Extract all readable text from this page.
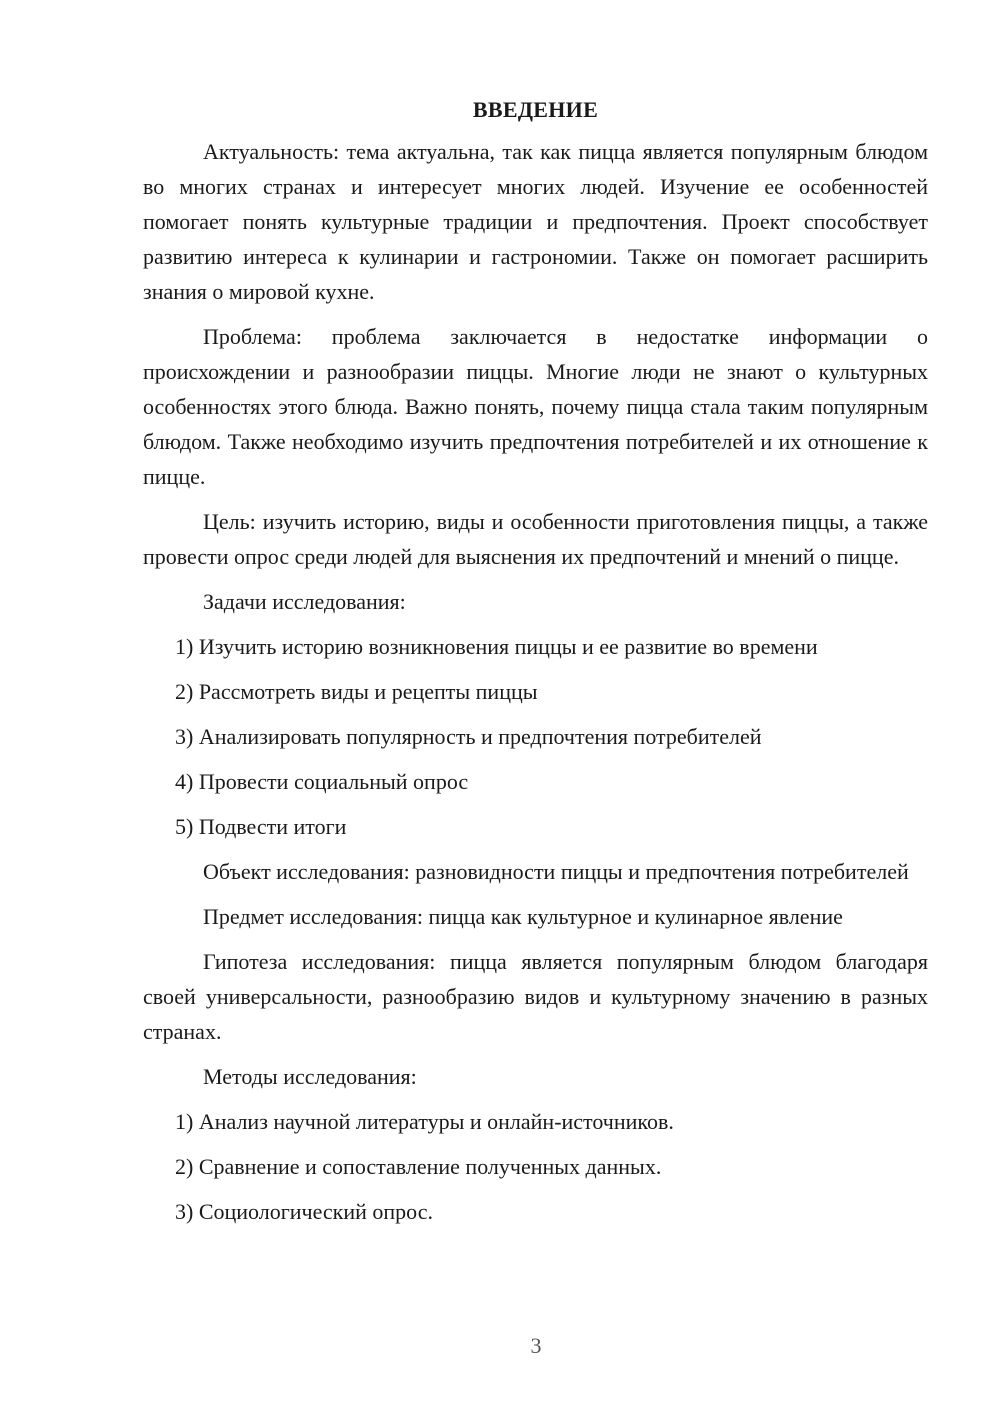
ВВЕДЕНИЕ

Актуальность: тема актуальна, так как пицца является популярным блюдом во многих странах и интересует многих людей. Изучение ее особенностей помогает понять культурные традиции и предпочтения. Проект способствует развитию интереса к кулинарии и гастрономии. Также он помогает расширить знания о мировой кухне.

Проблема: проблема заключается в недостатке информации о происхождении и разнообразии пиццы. Многие люди не знают о культурных особенностях этого блюда. Важно понять, почему пицца стала таким популярным блюдом. Также необходимо изучить предпочтения потребителей и их отношение к пицце.

Цель: изучить историю, виды и особенности приготовления пиццы, а также провести опрос среди людей для выяснения их предпочтений и мнений о пицце.

Задачи исследования:

1) Изучить историю возникновения пиццы и ее развитие во времени

2) Рассмотреть виды и рецепты пиццы

3) Анализировать популярность и предпочтения потребителей

4) Провести социальный опрос

5) Подвести итоги

Объект исследования: разновидности пиццы и предпочтения потребителей

Предмет исследования: пицца как культурное и кулинарное явление

Гипотеза исследования: пицца является популярным блюдом благодаря своей универсальности, разнообразию видов и культурному значению в разных странах.

Методы исследования:

1) Анализ научной литературы и онлайн-источников.

2) Сравнение и сопоставление полученных данных.

3) Социологический опрос.

3
